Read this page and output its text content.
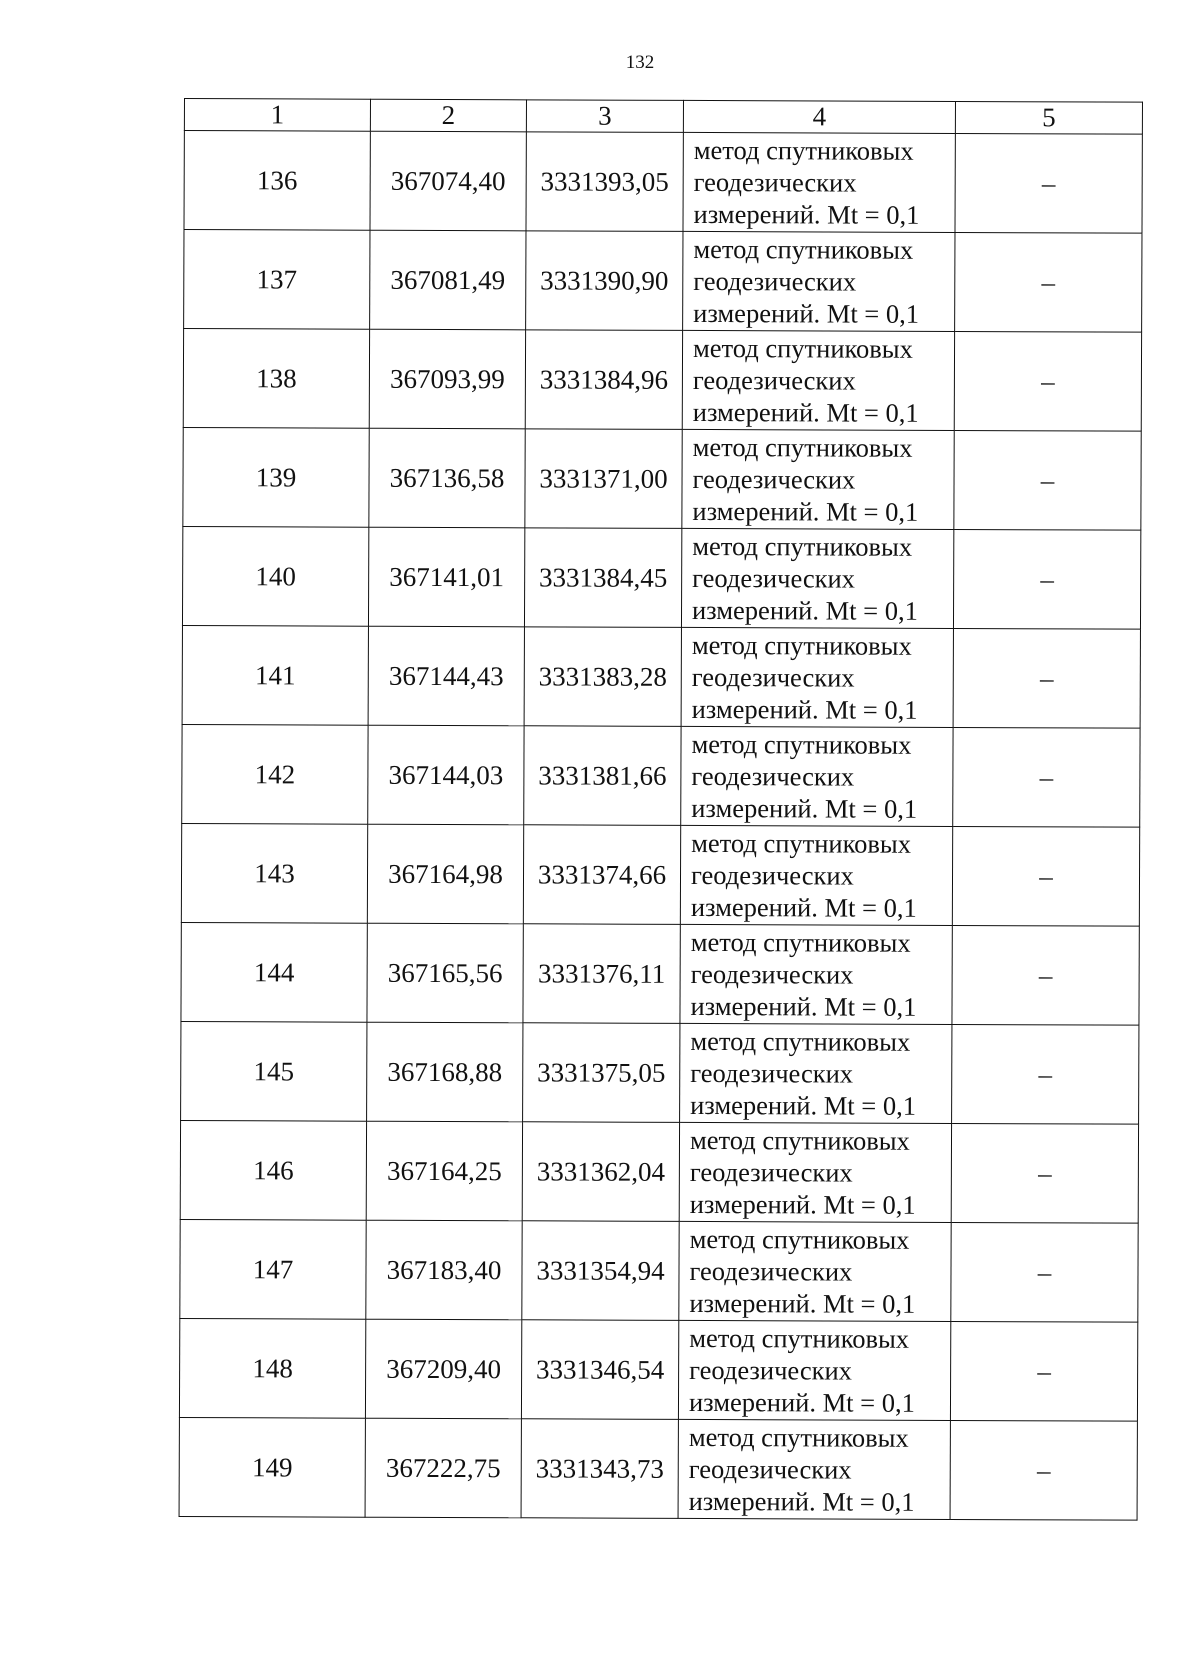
132
1	2	3	4	5
136	367074,40	3331393,05	метод спутниковых
геодезических
измерений. Mt = 0,1	–
137	367081,49	3331390,90	метод спутниковых
геодезических
измерений. Mt = 0,1	–
138	367093,99	3331384,96	метод спутниковых
геодезических
измерений. Mt = 0,1	–
139	367136,58	3331371,00	метод спутниковых
геодезических
измерений. Mt = 0,1	–
140	367141,01	3331384,45	метод спутниковых
геодезических
измерений. Mt = 0,1	–
141	367144,43	3331383,28	метод спутниковых
геодезических
измерений. Mt = 0,1	–
142	367144,03	3331381,66	метод спутниковых
геодезических
измерений. Mt = 0,1	–
143	367164,98	3331374,66	метод спутниковых
геодезических
измерений. Mt = 0,1	–
144	367165,56	3331376,11	метод спутниковых
геодезических
измерений. Mt = 0,1	–
145	367168,88	3331375,05	метод спутниковых
геодезических
измерений. Mt = 0,1	–
146	367164,25	3331362,04	метод спутниковых
геодезических
измерений. Mt = 0,1	–
147	367183,40	3331354,94	метод спутниковых
геодезических
измерений. Mt = 0,1	–
148	367209,40	3331346,54	метод спутниковых
геодезических
измерений. Mt = 0,1	–
149	367222,75	3331343,73	метод спутниковых
геодезических
измерений. Mt = 0,1	–
